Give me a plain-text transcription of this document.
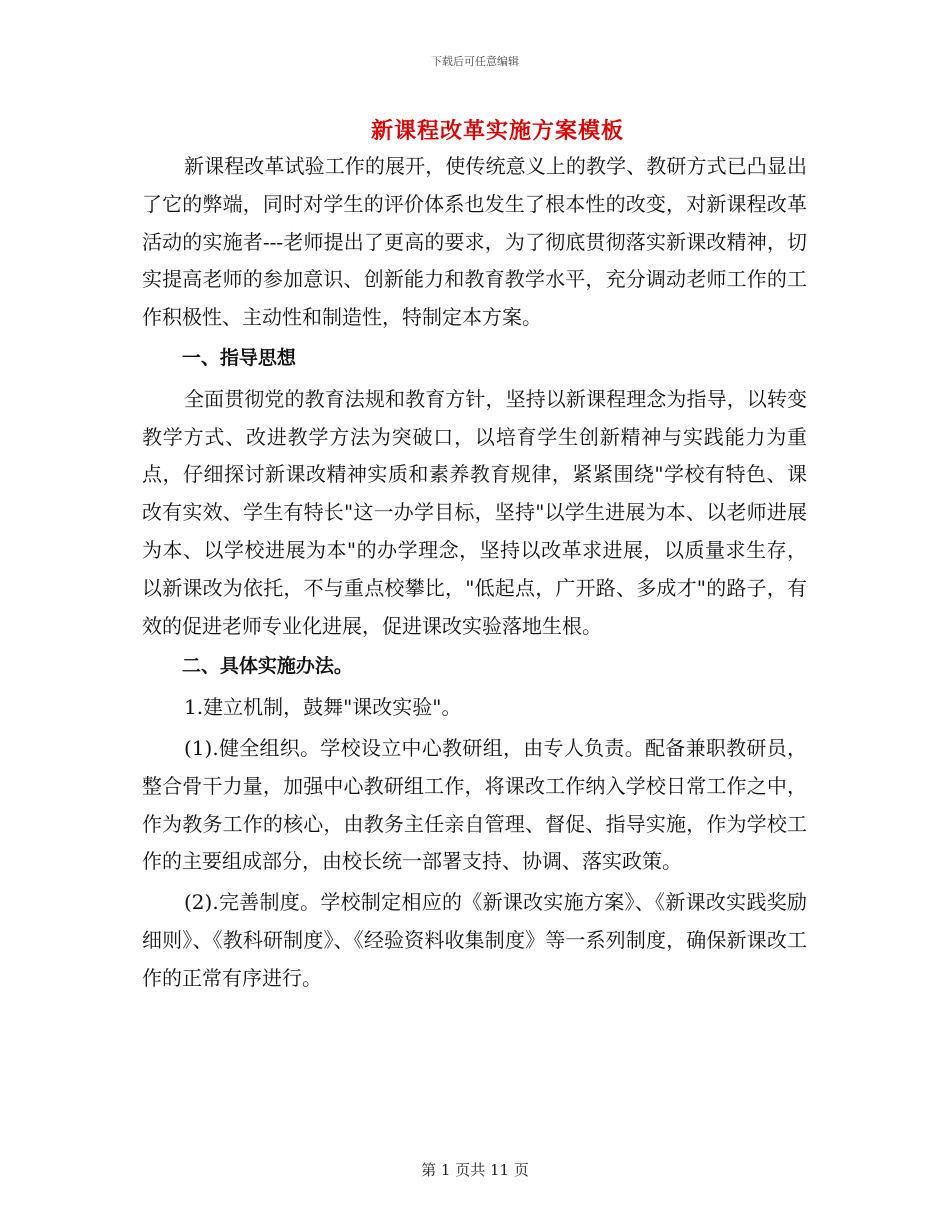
下载后可任意编辑
新课程改革实施方案模板

新课程改革试验工作的展开，使传统意义上的教学、教研方式已凸显出了它的弊端，同时对学生的评价体系也发生了根本性的改变，对新课程改革活动的实施者---老师提出了更高的要求，为了彻底贯彻落实新课改精神，切实提高老师的参加意识、创新能力和教育教学水平，充分调动老师工作的工作积极性、主动性和制造性，特制定本方案。

一、指导思想

全面贯彻党的教育法规和教育方针，坚持以新课程理念为指导，以转变教学方式、改进教学方法为突破口，以培育学生创新精神与实践能力为重点，仔细探讨新课改精神实质和素养教育规律，紧紧围绕"学校有特色、课改有实效、学生有特长"这一办学目标，坚持"以学生进展为本、以老师进展为本、以学校进展为本"的办学理念，坚持以改革求进展，以质量求生存，以新课改为依托，不与重点校攀比，"低起点，广开路、多成才"的路子，有效的促进老师专业化进展，促进课改实验落地生根。

二、具体实施办法。

1.建立机制，鼓舞"课改实验"。

(1).健全组织。学校设立中心教研组，由专人负责。配备兼职教研员，整合骨干力量，加强中心教研组工作，将课改工作纳入学校日常工作之中，作为教务工作的核心，由教务主任亲自管理、督促、指导实施，作为学校工作的主要组成部分，由校长统一部署支持、协调、落实政策。

(2).完善制度。学校制定相应的《新课改实施方案》、《新课改实践奖励细则》、《教科研制度》、《经验资料收集制度》等一系列制度，确保新课改工作的正常有序进行。

第 1 页共 11 页
